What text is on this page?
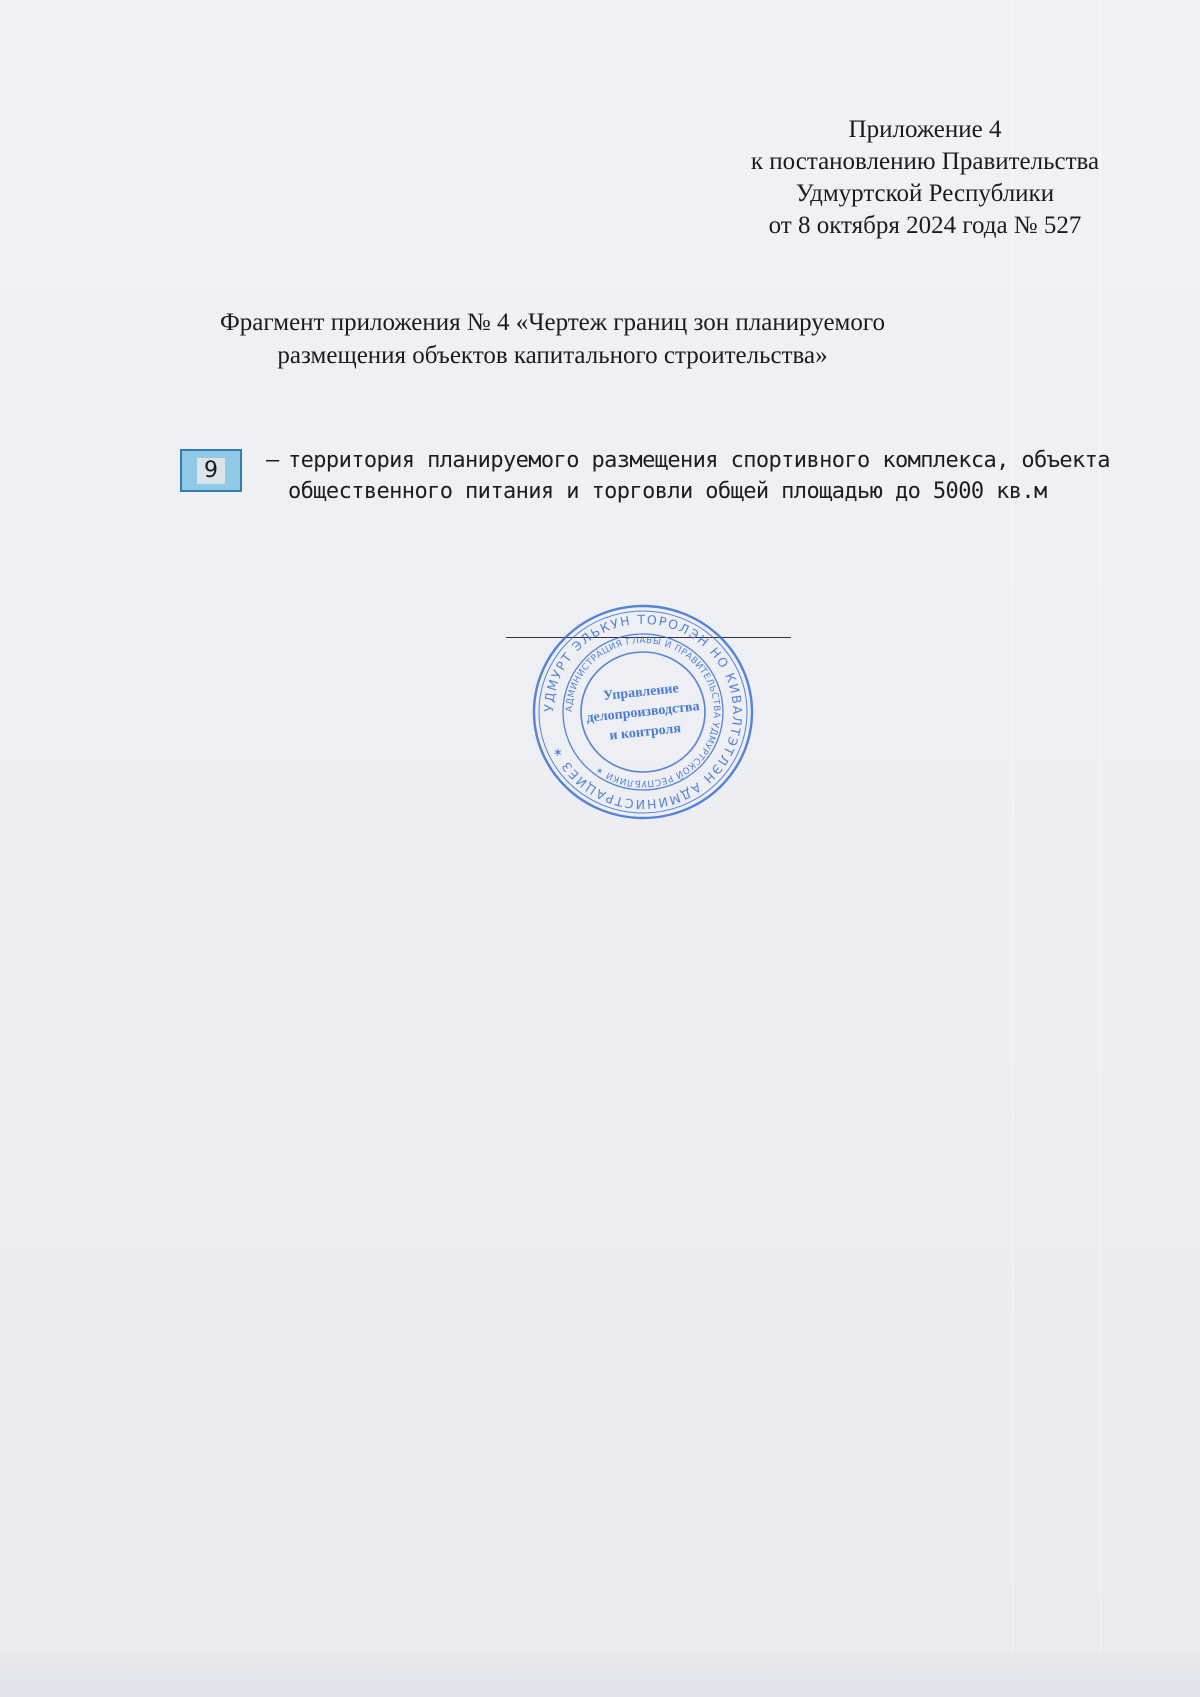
Приложение 4
к постановлению Правительства
Удмуртской Республики
от 8 октября 2024 года № 527
Фрагмент приложения № 4 «Чертеж границ зон планируемого
размещения объектов капитального строительства»
9	– территория планируемого размещения спортивного комплекса, объекта
общественного питания и торговли общей площадью до 5000 кв.м
УДМУРТ ЭЛЬКУН ТОРОЛЭН НО КИВАЛТЭТЛЭН АДМИНИСТРАЦИЕЗ ✶
АДМИНИСТРАЦИЯ ГЛАВЫ И ПРАВИТЕЛЬСТВА УДМУРТСКОЙ РЕСПУБЛИКИ ✶
Управление
делопроизводства
и контроля
